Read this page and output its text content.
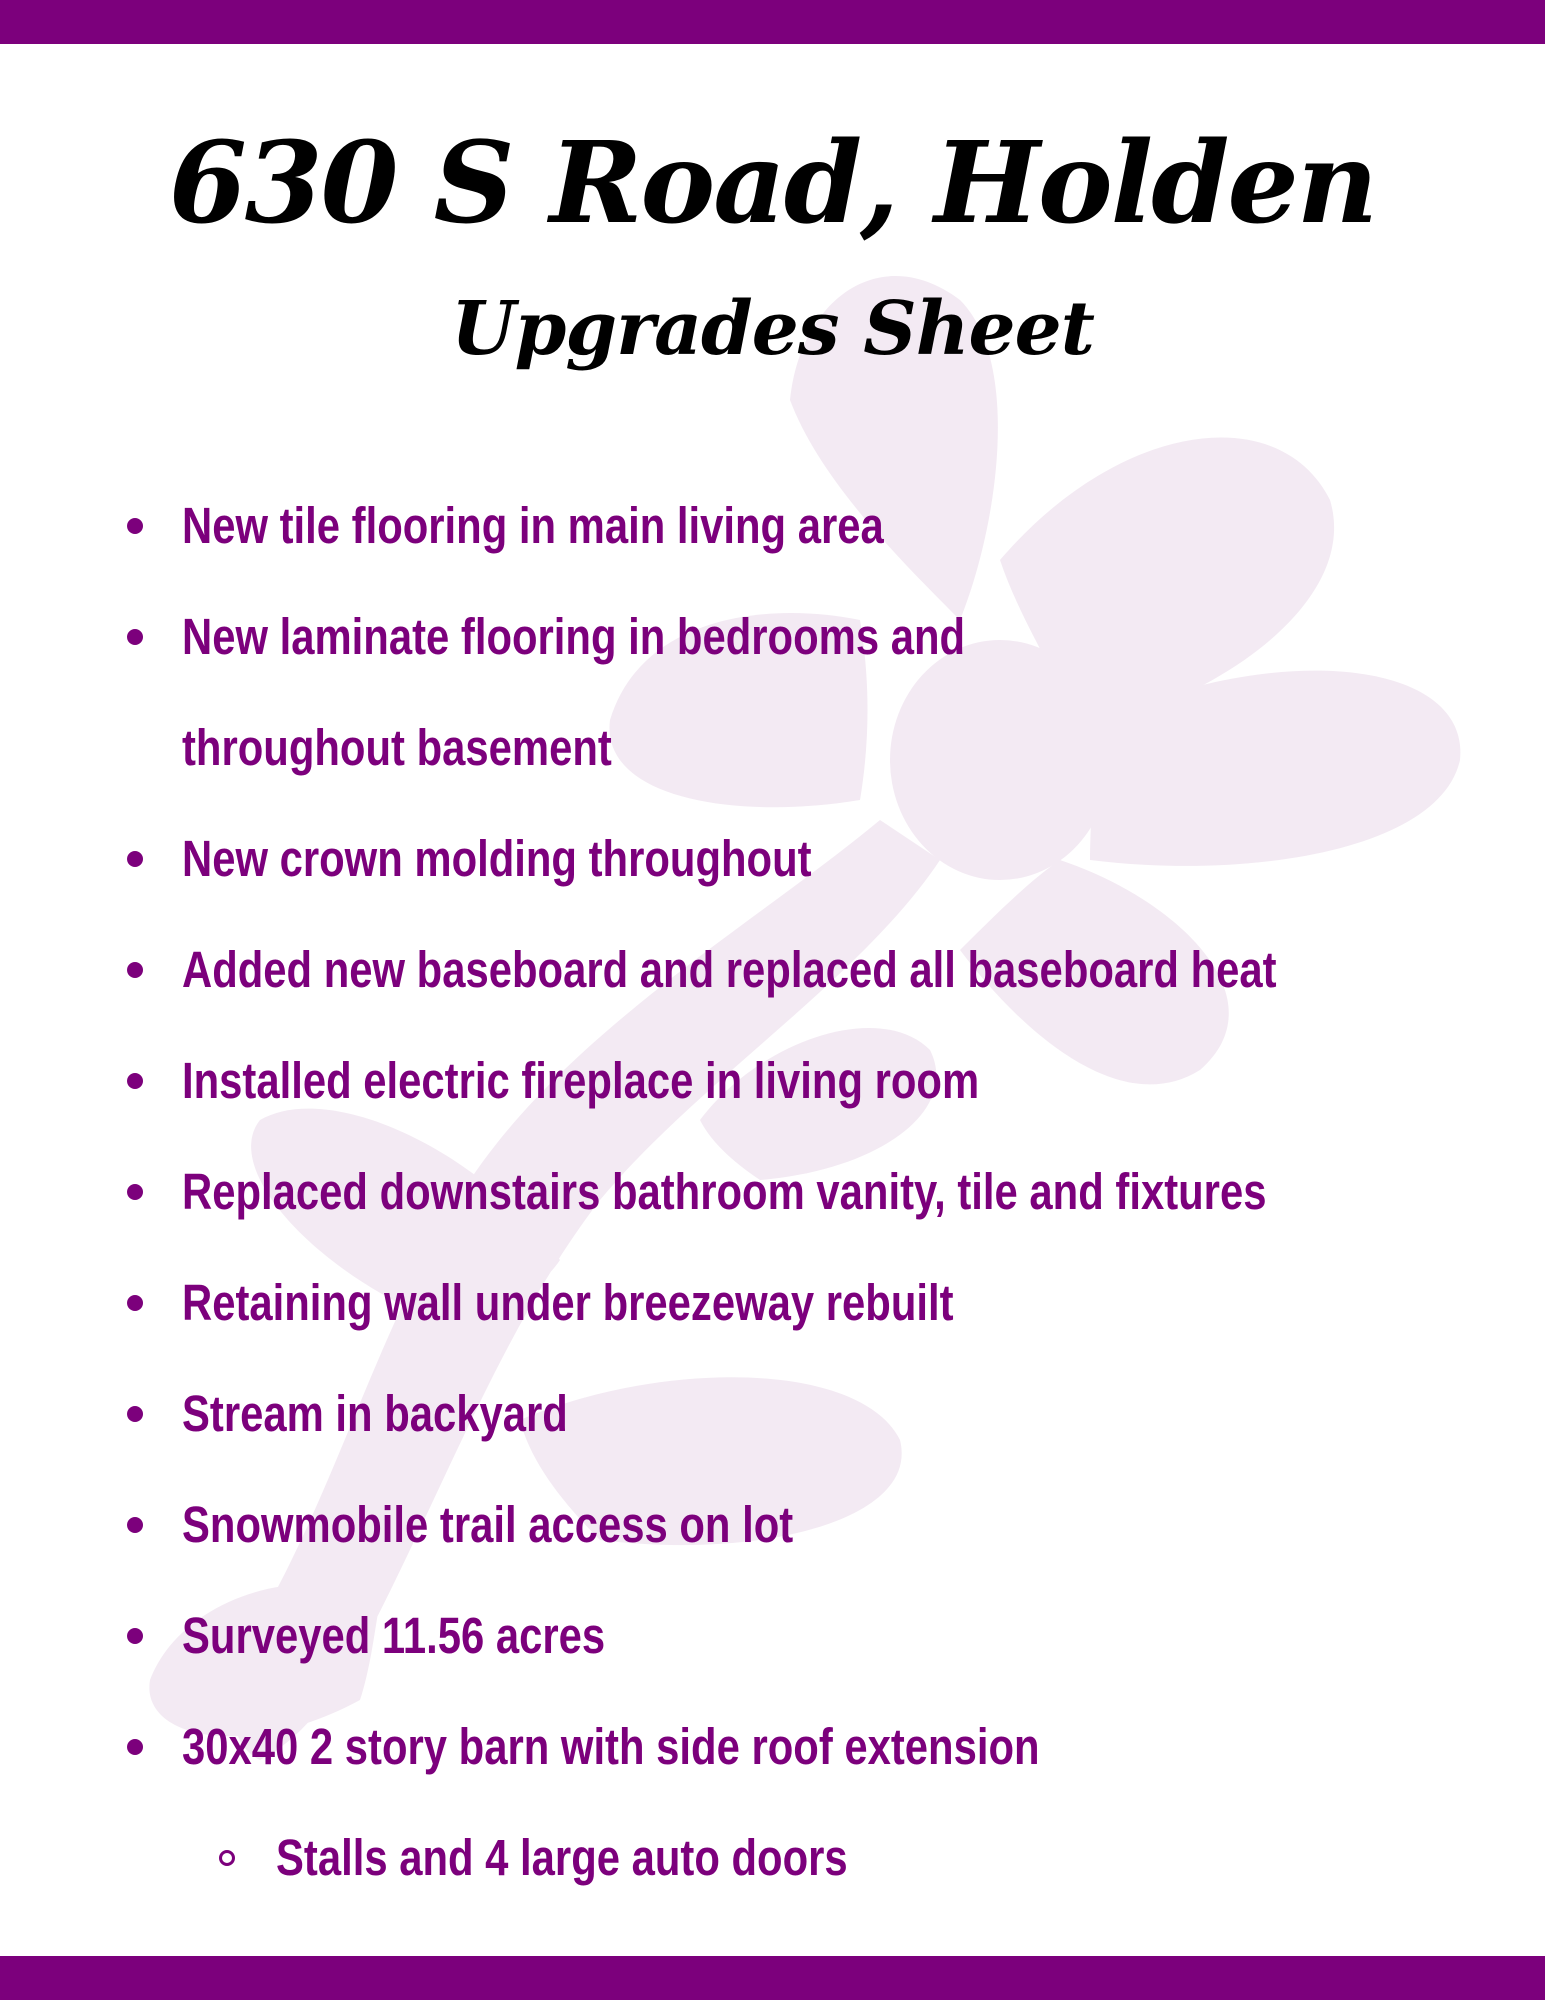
630 S Road, Holden
Upgrades Sheet
New tile flooring in main living area
New laminate flooring in bedrooms and throughout basement
New crown molding throughout
Added new baseboard and replaced all baseboard heat
Installed electric fireplace in living room
Replaced downstairs bathroom vanity, tile and fixtures
Retaining wall under breezeway rebuilt
Stream in backyard
Snowmobile trail access on lot
Surveyed 11.56 acres
30x40 2 story barn with side roof extension
Stalls and 4 large auto doors
